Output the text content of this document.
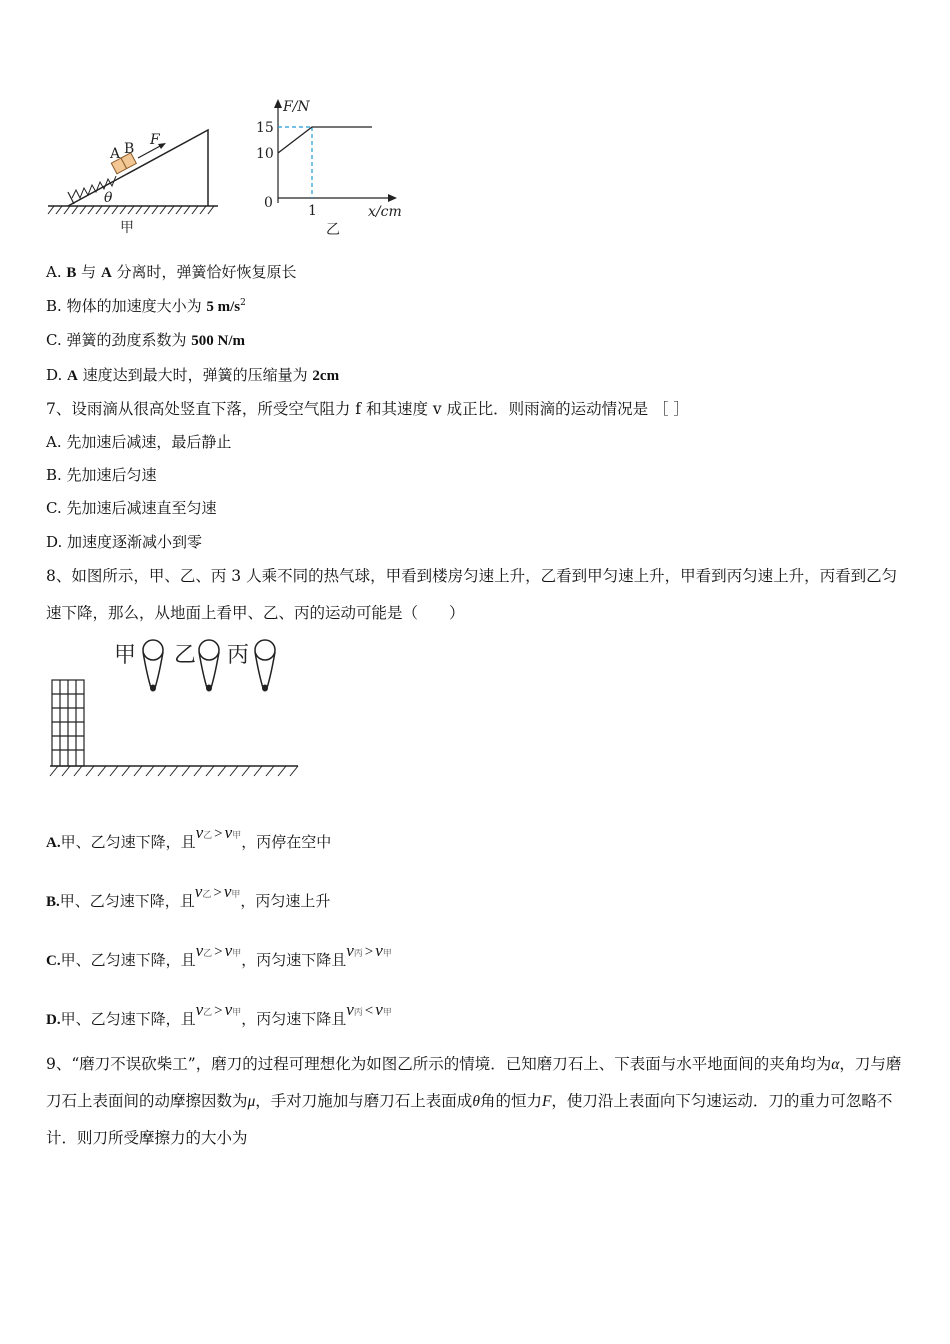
A B
F
θ
甲
F/N
15
10
0	1	x/cm
乙
A. B 与 A 分离时，弹簧恰好恢复原长
B. 物体的加速度大小为 5 $m/s^2$
C. 弹簧的劲度系数为 500 N/m
D. A 速度达到最大时，弹簧的压缩量为 2cm
7、设雨滴从很高处竖直下落，所受空气阻力 f 和其速度 v 成正比．则雨滴的运动情况是 ［ ］
A. 先加速后减速，最后静止
B. 先加速后匀速
C. 先加速后减速直至匀速
D. 加速度逐渐减小到零
8、如图所示，甲、乙、丙 3 人乘不同的热气球，甲看到楼房匀速上升，乙看到甲匀速上升，甲看到丙匀速上升，丙看到乙匀
速下降，那么，从地面上看甲、乙、丙的运动可能是（　　）
甲 乙 丙
A.甲、乙匀速下降，且v乙 > v甲，丙停在空中
B.甲、乙匀速下降，且v乙 > v甲，丙匀速上升
C.甲、乙匀速下降，且v乙 > v甲，丙匀速下降且v丙 > v甲
D.甲、乙匀速下降，且v乙 > v甲，丙匀速下降且v丙 < v甲
9、“磨刀不误砍柴工”，磨刀的过程可理想化为如图乙所示的情境．已知磨刀石上、下表面与水平地面间的夹角均为α，刀与磨刀石上表面间的动摩擦因数为μ，手对刀施加与磨刀石上表面成θ角的恒力F，使刀沿上表面向下匀速运动．刀的重力可忽略不计．则刀所受摩擦力的大小为
